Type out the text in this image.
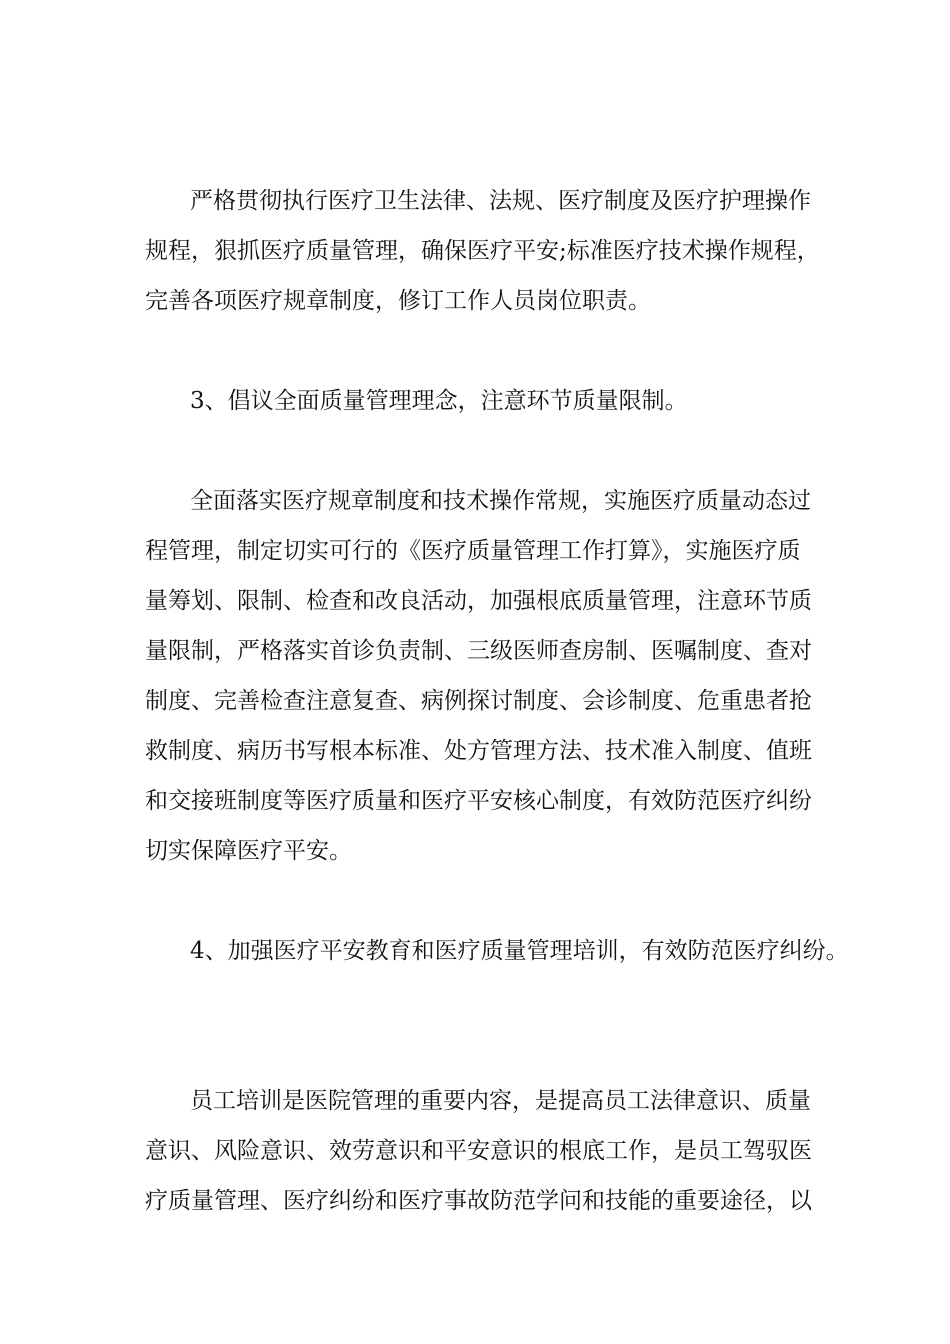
严格贯彻执行医疗卫生法律、法规、医疗制度及医疗护理操作
规程，狠抓医疗质量管理，确保医疗平安;标准医疗技术操作规程，
完善各项医疗规章制度，修订工作人员岗位职责。
3、倡议全面质量管理理念，注意环节质量限制。
全面落实医疗规章制度和技术操作常规，实施医疗质量动态过
程管理，制定切实可行的《医疗质量管理工作打算》，实施医疗质
量筹划、限制、检查和改良活动，加强根底质量管理，注意环节质
量限制，严格落实首诊负责制、三级医师查房制、医嘱制度、查对
制度、完善检查注意复查、病例探讨制度、会诊制度、危重患者抢
救制度、病历书写根本标准、处方管理方法、技术准入制度、值班
和交接班制度等医疗质量和医疗平安核心制度，有效防范医疗纠纷
切实保障医疗平安。
4、加强医疗平安教育和医疗质量管理培训，有效防范医疗纠纷。
员工培训是医院管理的重要内容，是提高员工法律意识、质量
意识、风险意识、效劳意识和平安意识的根底工作，是员工驾驭医
疗质量管理、医疗纠纷和医疗事故防范学问和技能的重要途径，以
